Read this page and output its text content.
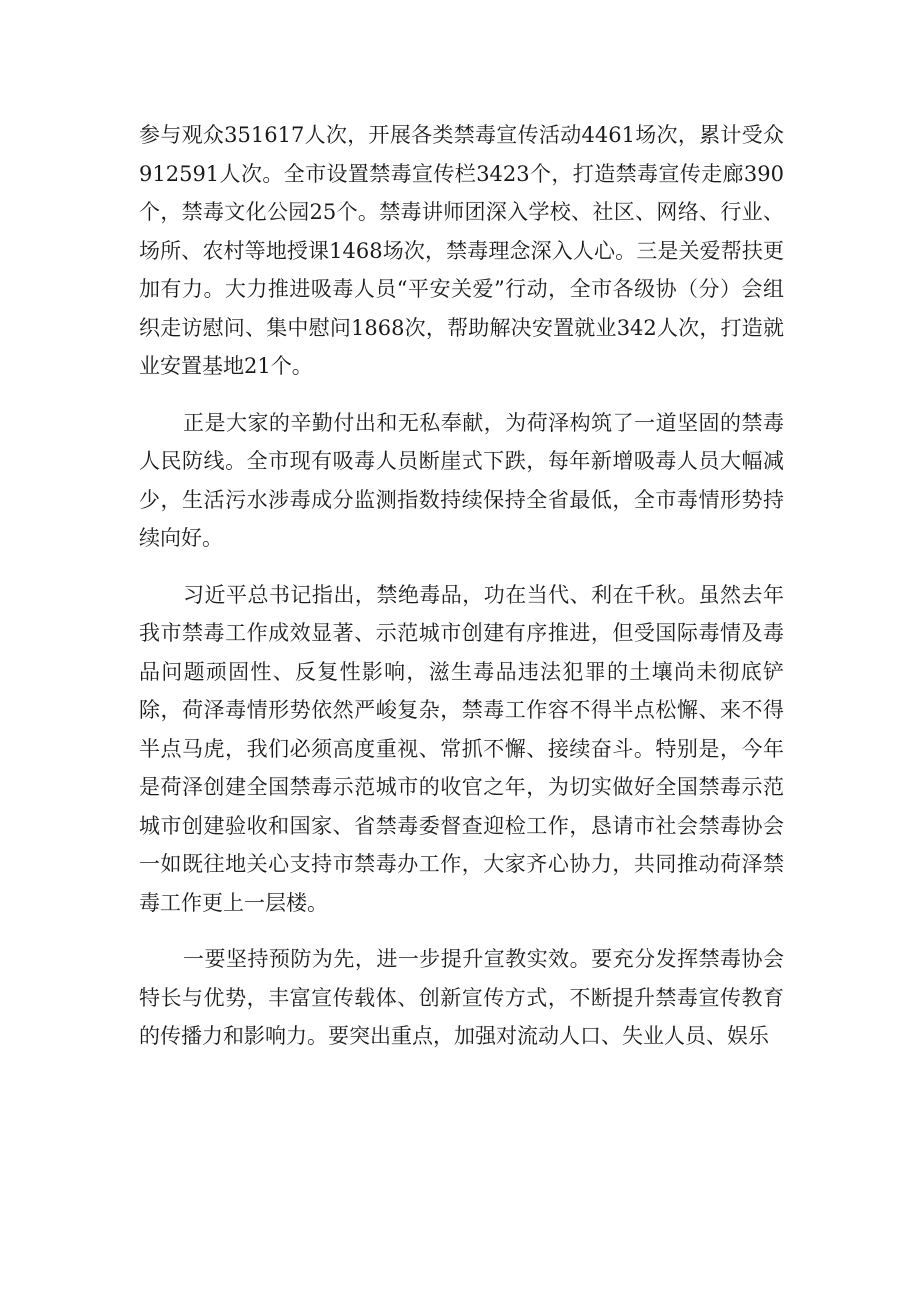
参与观众351617人次，开展各类禁毒宣传活动4461场次，累计受众912591人次。全市设置禁毒宣传栏3423个，打造禁毒宣传走廊390个，禁毒文化公园25个。禁毒讲师团深入学校、社区、网络、行业、场所、农村等地授课1468场次，禁毒理念深入人心。三是关爱帮扶更加有力。大力推进吸毒人员“平安关爱”行动，全市各级协（分）会组织走访慰问、集中慰问1868次，帮助解决安置就业342人次，打造就业安置基地21个。

正是大家的辛勤付出和无私奉献，为荷泽构筑了一道坚固的禁毒人民防线。全市现有吸毒人员断崖式下跌，每年新增吸毒人员大幅减少，生活污水涉毒成分监测指数持续保持全省最低，全市毒情形势持续向好。

习近平总书记指出，禁绝毒品，功在当代、利在千秋。虽然去年我市禁毒工作成效显著、示范城市创建有序推进，但受国际毒情及毒品问题顽固性、反复性影响，滋生毒品违法犯罪的土壤尚未彻底铲除，荷泽毒情形势依然严峻复杂，禁毒工作容不得半点松懈、来不得半点马虎，我们必须高度重视、常抓不懈、接续奋斗。特别是，今年是荷泽创建全国禁毒示范城市的收官之年，为切实做好全国禁毒示范城市创建验收和国家、省禁毒委督查迎检工作，恳请市社会禁毒协会一如既往地关心支持市禁毒办工作，大家齐心协力，共同推动荷泽禁毒工作更上一层楼。

一要坚持预防为先，进一步提升宣教实效。要充分发挥禁毒协会特长与优势，丰富宣传载体、创新宣传方式，不断提升禁毒宣传教育的传播力和影响力。要突出重点，加强对流动人口、失业人员、娱乐
